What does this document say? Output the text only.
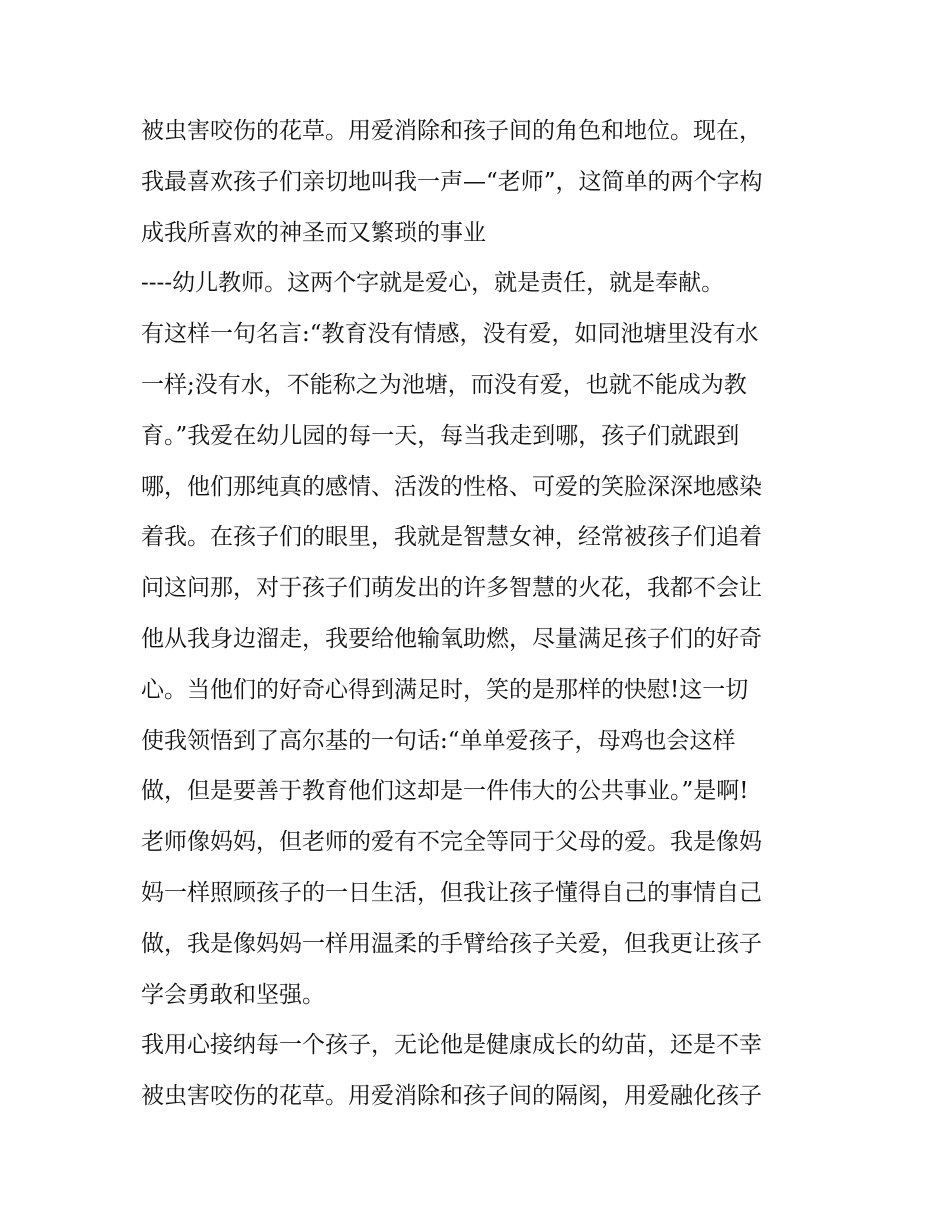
被虫害咬伤的花草。用爱消除和孩子间的角色和地位。现在，
我最喜欢孩子们亲切地叫我一声—“老师”，这简单的两个字构
成我所喜欢的神圣而又繁琐的事业
----幼儿教师。这两个字就是爱心，就是责任，就是奉献。
有这样一句名言:“教育没有情感，没有爱，如同池塘里没有水
一样;没有水，不能称之为池塘，而没有爱，也就不能成为教
育。”我爱在幼儿园的每一天，每当我走到哪，孩子们就跟到
哪，他们那纯真的感情、活泼的性格、可爱的笑脸深深地感染
着我。在孩子们的眼里，我就是智慧女神，经常被孩子们追着
问这问那，对于孩子们萌发出的许多智慧的火花，我都不会让
他从我身边溜走，我要给他输氧助燃，尽量满足孩子们的好奇
心。当他们的好奇心得到满足时，笑的是那样的快慰!这一切
使我领悟到了高尔基的一句话:“单单爱孩子，母鸡也会这样
做，但是要善于教育他们这却是一件伟大的公共事业。”是啊!
老师像妈妈，但老师的爱有不完全等同于父母的爱。我是像妈
妈一样照顾孩子的一日生活，但我让孩子懂得自己的事情自己
做，我是像妈妈一样用温柔的手臂给孩子关爱，但我更让孩子
学会勇敢和坚强。
我用心接纳每一个孩子，无论他是健康成长的幼苗，还是不幸
被虫害咬伤的花草。用爱消除和孩子间的隔阂，用爱融化孩子
